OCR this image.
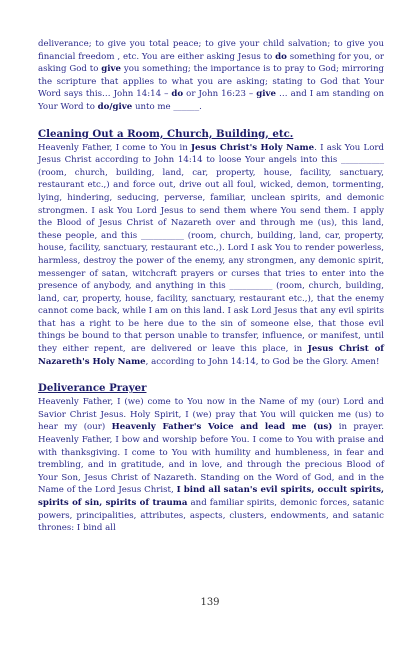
deliverance; to give you total peace; to give your child salvation; to give you financial freedom , etc. You are either asking Jesus to do something for you, or asking God to give you something; the importance is to pray to God; mirroring the scripture that applies to what you are asking; stating to God that Your Word says this… John 14:14 – do or John 16:23 – give … and I am standing on Your Word to do/give unto me ______.

Cleaning Out a Room, Church, Building, etc.

Heavenly Father, I come to You in Jesus Christ's Holy Name. I ask You Lord Jesus Christ according to John 14:14 to loose Your angels into this __________ (room, church, building, land, car, property, house, facility, sanctuary, restaurant etc.,) and force out, drive out all foul, wicked, demon, tormenting, lying, hindering, seducing, perverse, familiar, unclean spirits, and demonic strongmen. I ask You Lord Jesus to send them where You send them. I apply the Blood of Jesus Christ of Nazareth over and through me (us), this land, these people, and this __________ (room, church, building, land, car, property, house, facility, sanctuary, restaurant etc.,). Lord I ask You to render powerless, harmless, destroy the power of the enemy, any strongmen, any demonic spirit, messenger of satan, witchcraft prayers or curses that tries to enter into the presence of anybody, and anything in this __________ (room, church, building, land, car, property, house, facility, sanctuary, restaurant etc.,), that the enemy cannot come back, while I am on this land. I ask Lord Jesus that any evil spirits that has a right to be here due to the sin of someone else, that those evil things be bound to that person unable to transfer, influence, or manifest, until they either repent, are delivered or leave this place, in Jesus Christ of Nazareth's Holy Name, according to John 14:14, to God be the Glory. Amen!

Deliverance Prayer

Heavenly Father, I (we) come to You now in the Name of my (our) Lord and Savior Christ Jesus. Holy Spirit, I (we) pray that You will quicken me (us) to hear my (our) Heavenly Father's Voice and lead me (us) in prayer. Heavenly Father, I bow and worship before You. I come to You with praise and with thanksgiving. I come to You with humility and humbleness, in fear and trembling, and in gratitude, and in love, and through the precious Blood of Your Son, Jesus Christ of Nazareth. Standing on the Word of God, and in the Name of the Lord Jesus Christ, I bind all satan's evil spirits, occult spirits, spirits of sin, spirits of trauma and familiar spirits, demonic forces, satanic powers, principalities, attributes, aspects, clusters, endowments, and satanic thrones: I bind all

139
